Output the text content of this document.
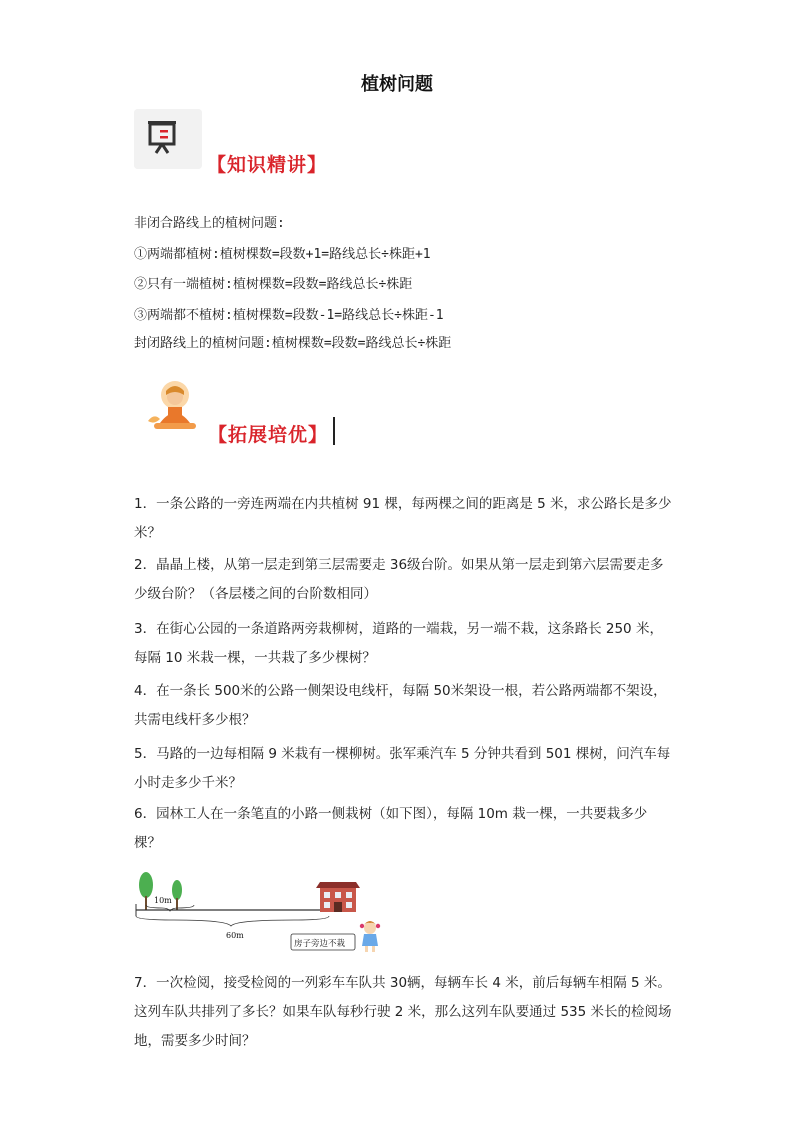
植树问题
【知识精讲】
非闭合路线上的植树问题:
①两端都植树:植树棵数=段数+1=路线总长÷株距+1
②只有一端植树:植树棵数=段数=路线总长÷株距
③两端都不植树:植树棵数=段数-1=路线总长÷株距-1
封闭路线上的植树问题:植树棵数=段数=路线总长÷株距
【拓展培优】
1．一条公路的一旁连两端在内共植树 91 棵，每两棵之间的距离是 5 米，求公路长是多少米？
2．晶晶上楼，从第一层走到第三层需要走 36级台阶。如果从第一层走到第六层需要走多少级台阶？（各层楼之间的台阶数相同）
3．在街心公园的一条道路两旁栽柳树，道路的一端栽，另一端不栽，这条路长 250 米，每隔 10 米栽一棵，一共栽了多少棵树？
4．在一条长 500米的公路一侧架设电线杆，每隔 50米架设一根，若公路两端都不架设，共需电线杆多少根？
5．马路的一边每相隔 9 米栽有一棵柳树。张军乘汽车 5 分钟共看到 501 棵树，问汽车每小时走多少千米？
6．园林工人在一条笔直的小路一侧栽树（如下图），每隔 10m 栽一棵，一共要栽多少棵？
10m
60m
房子旁边不栽
7．一次检阅，接受检阅的一列彩车车队共 30辆，每辆车长 4 米，前后每辆车相隔 5 米。这列车队共排列了多长？如果车队每秒行驶 2 米，那么这列车队要通过 535 米长的检阅场地，需要多少时间？
